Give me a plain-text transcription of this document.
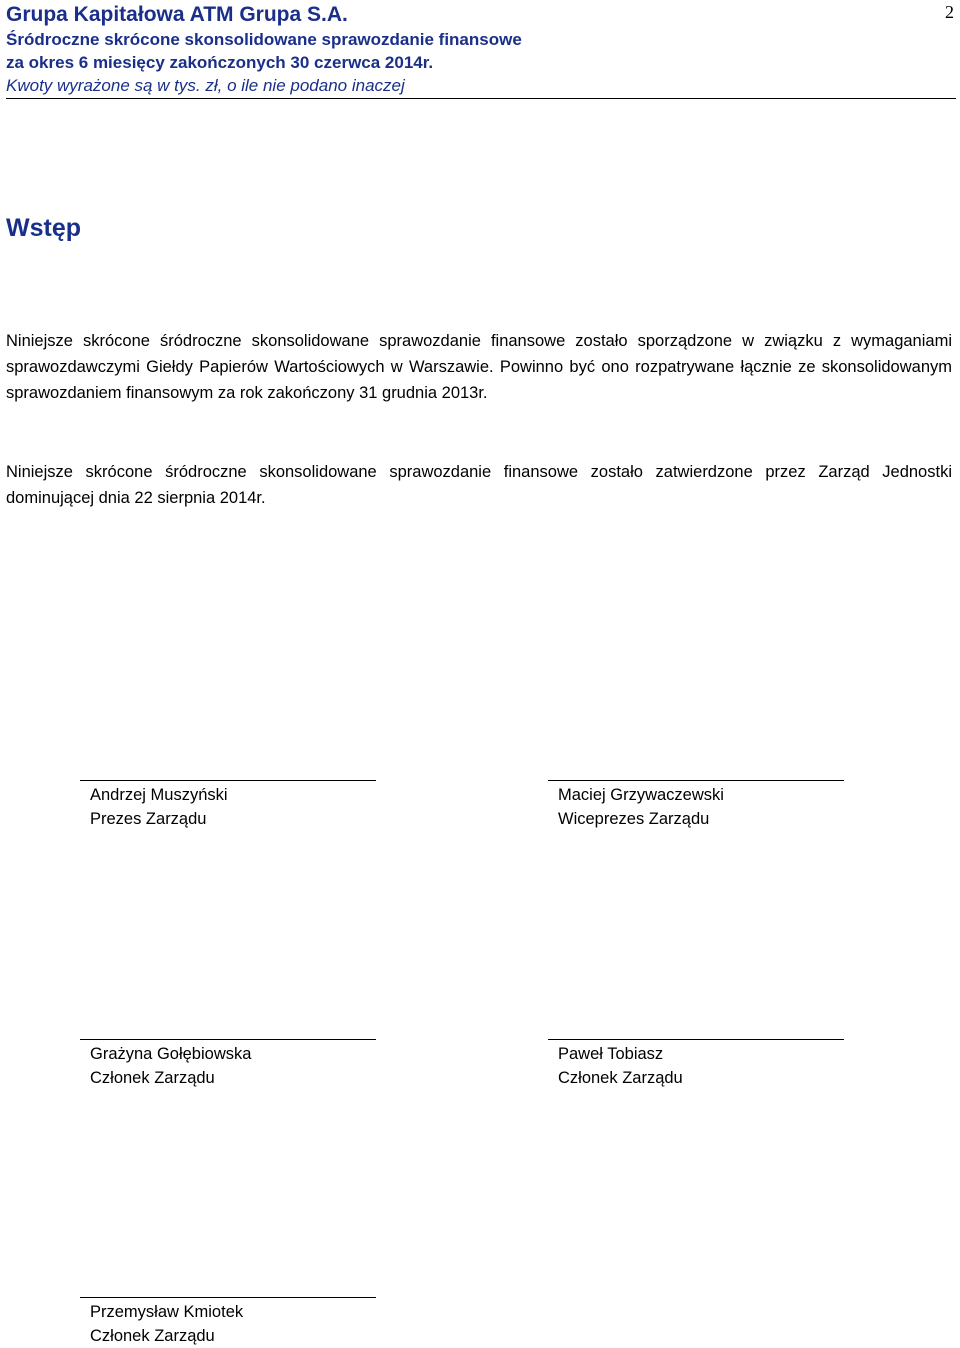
Grupa Kapitałowa ATM Grupa S.A.
Śródroczne skrócone skonsolidowane sprawozdanie finansowe
za okres 6 miesięcy zakończonych 30 czerwca 2014r.
Kwoty wyrażone są w tys. zł, o ile nie podano inaczej
2
Wstęp

Niniejsze skrócone śródroczne skonsolidowane sprawozdanie finansowe zostało sporządzone w związku z wymaganiami sprawozdawczymi Giełdy Papierów Wartościowych w Warszawie. Powinno być ono rozpatrywane łącznie ze skonsolidowanym sprawozdaniem finansowym za rok zakończony 31 grudnia 2013r.

Niniejsze skrócone śródroczne skonsolidowane sprawozdanie finansowe zostało zatwierdzone przez Zarząd Jednostki dominującej dnia 22 sierpnia 2014r.

Andrzej Muszyński
Prezes Zarządu
Maciej Grzywaczewski
Wiceprezes Zarządu
Grażyna Gołębiowska
Członek Zarządu
Paweł Tobiasz
Członek Zarządu
Przemysław Kmiotek
Członek Zarządu
